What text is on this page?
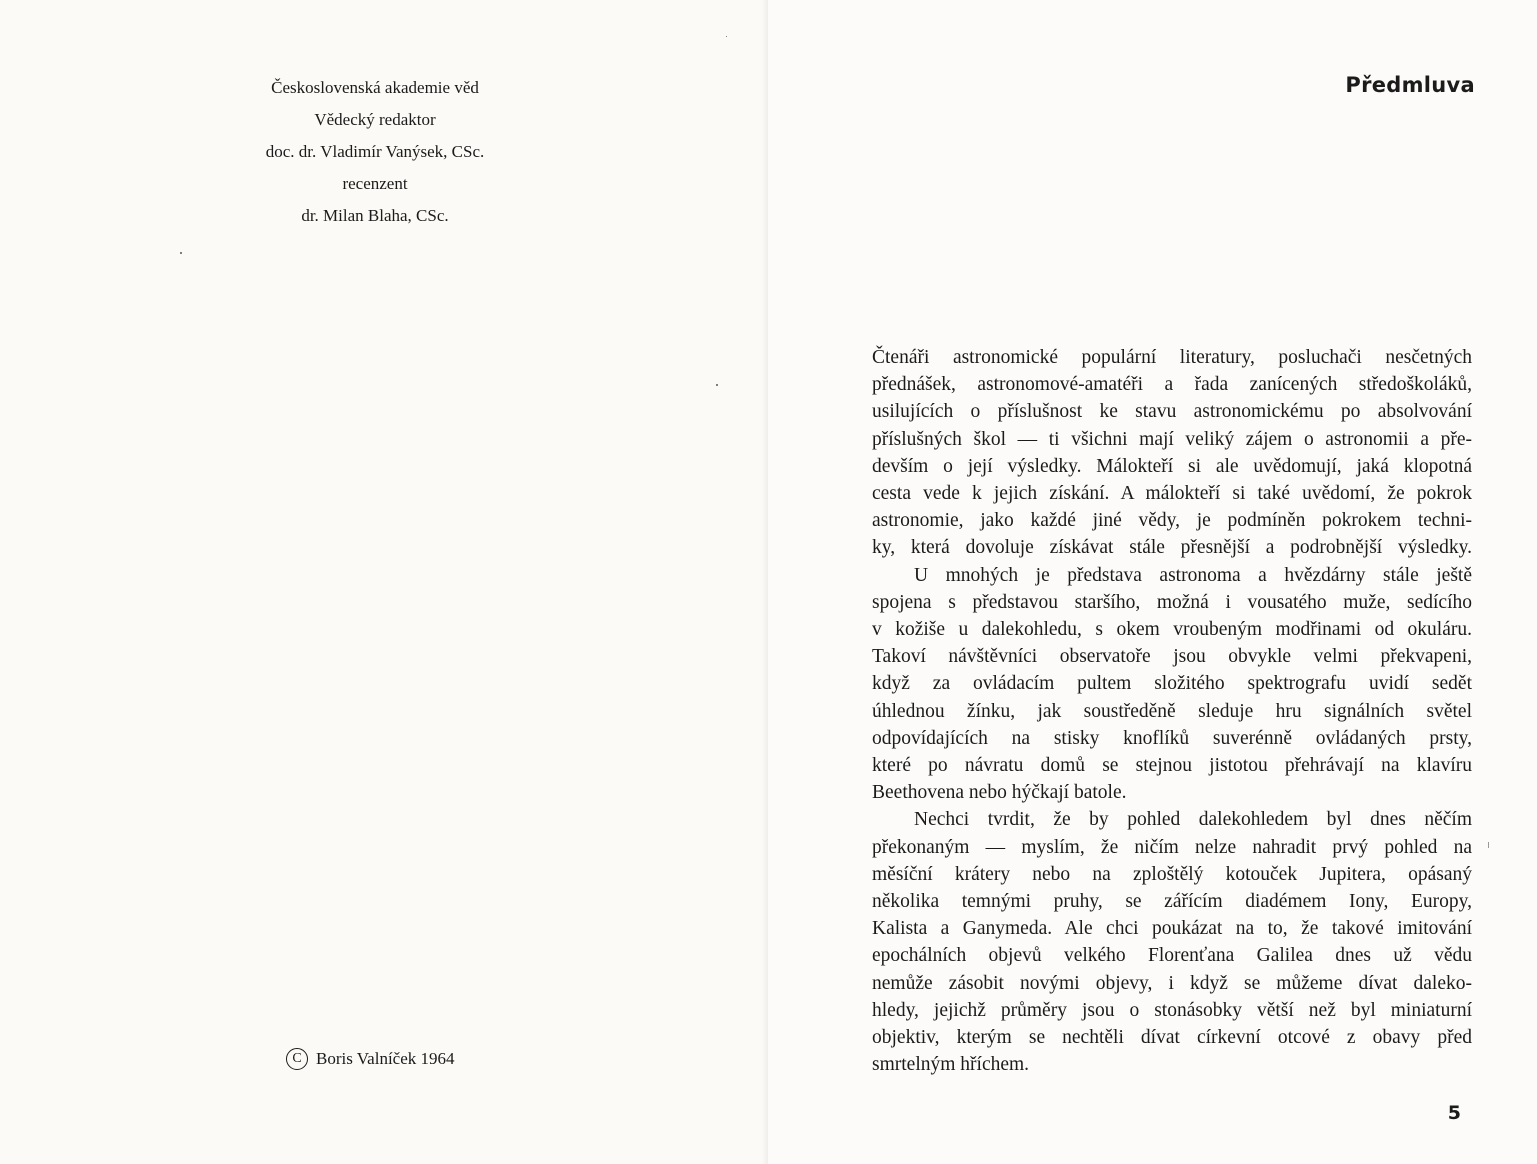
Československá akademie věd
Vědecký redaktor
doc. dr. Vladimír Vanýsek, CSc.
recenzent
dr. Milan Blaha, CSc.
C Boris Valníček 1964
Předmluva
Čtenáři astronomické populární literatury, posluchači nesčetných
přednášek, astronomové-amatéři a řada zanícených středoškoláků,
usilujících o příslušnost ke stavu astronomickému po absolvování
příslušných škol — ti všichni mají veliký zájem o astronomii a pře-
devším o její výsledky. Málokteří si ale uvědomují, jaká klopotná
cesta vede k jejich získání. A málokteří si také uvědomí, že pokrok
astronomie, jako každé jiné vědy, je podmíněn pokrokem techni-
ky, která dovoluje získávat stále přesnější a podrobnější výsledky.
U mnohých je představa astronoma a hvězdárny stále ještě
spojena s představou staršího, možná i vousatého muže, sedícího
v kožiše u dalekohledu, s okem vroubeným modřinami od okuláru.
Takoví návštěvníci observatoře jsou obvykle velmi překvapeni,
když za ovládacím pultem složitého spektrografu uvidí sedět
úhlednou žínku, jak soustředěně sleduje hru signálních světel
odpovídajících na stisky knoflíků suverénně ovládaných prsty,
které po návratu domů se stejnou jistotou přehrávají na klavíru
Beethovena nebo hýčkají batole.
Nechci tvrdit, že by pohled dalekohledem byl dnes něčím
překonaným — myslím, že ničím nelze nahradit prvý pohled na
měsíční krátery nebo na zploštělý kotouček Jupitera, opásaný
několika temnými pruhy, se zářícím diadémem Iony, Europy,
Kalista a Ganymeda. Ale chci poukázat na to, že takové imitování
epochálních objevů velkého Florenťana Galilea dnes už vědu
nemůže zásobit novými objevy, i když se můžeme dívat daleko-
hledy, jejichž průměry jsou o stonásobky větší než byl miniaturní
objektiv, kterým se nechtěli dívat církevní otcové z obavy před
smrtelným hříchem.
5
